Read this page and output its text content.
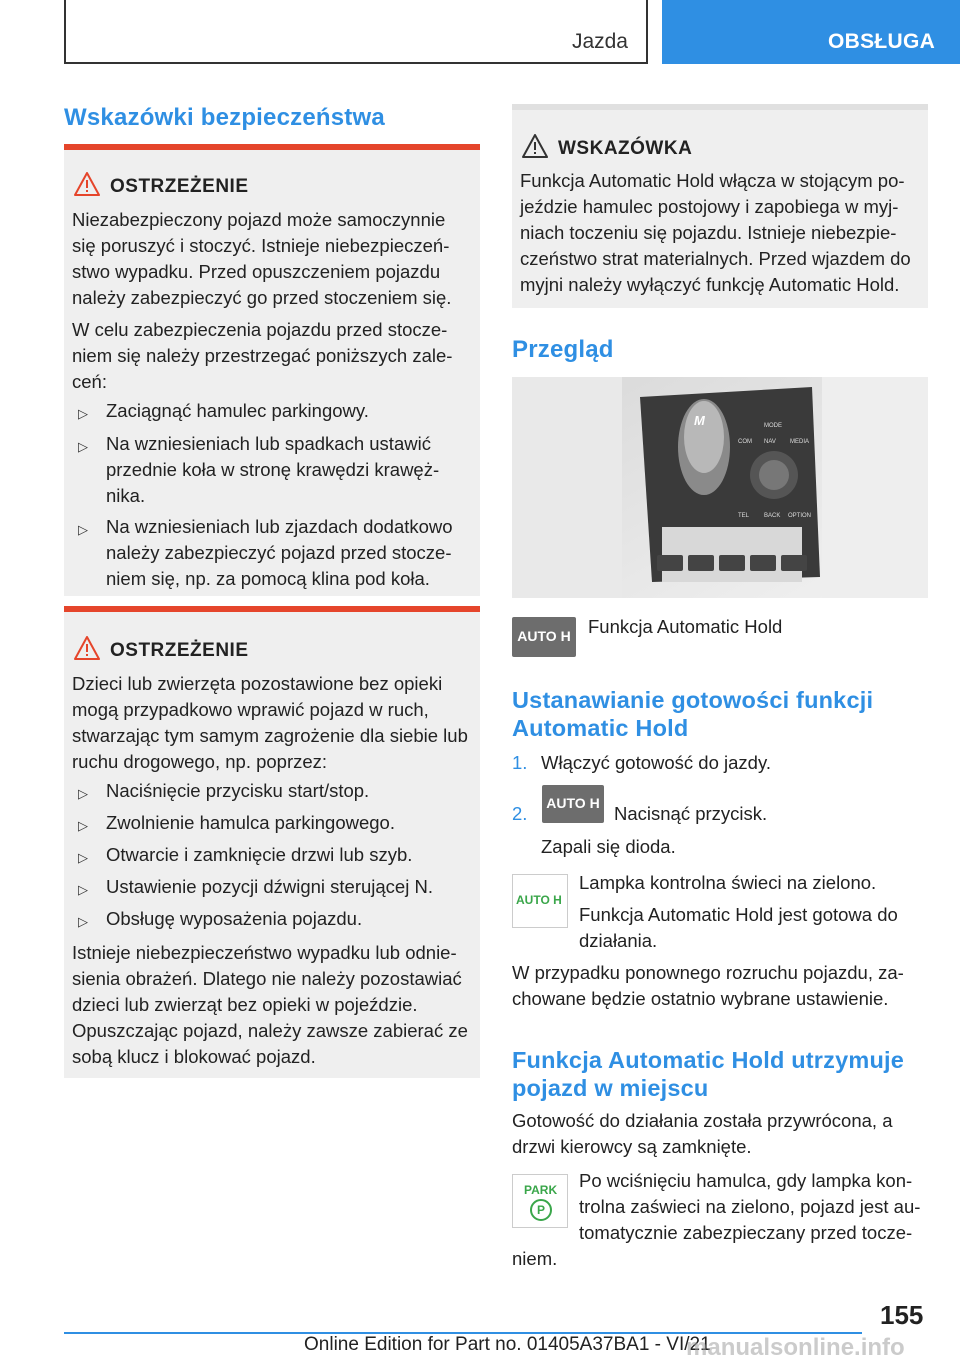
Jazda	OBSŁUGA
Wskazówki bezpieczeństwa
OSTRZEŻENIE
Niezabezpieczony pojazd może samoczynnie
się poruszyć i stoczyć. Istnieje niebezpieczeń-
stwo wypadku. Przed opuszczeniem pojazdu
należy zabezpieczyć go przed stoczeniem się.
W celu zabezpieczenia pojazdu przed stocze-
niem się należy przestrzegać poniższych zale-
ceń:
▷ Zaciągnąć hamulec parkingowy.
▷ Na wzniesieniach lub spadkach ustawić
przednie koła w stronę krawędzi krawęż-
nika.
▷ Na wzniesieniach lub zjazdach dodatkowo
należy zabezpieczyć pojazd przed stocze-
niem się, np. za pomocą klina pod koła.
OSTRZEŻENIE
Dzieci lub zwierzęta pozostawione bez opieki
mogą przypadkowo wprawić pojazd w ruch,
stwarzając tym samym zagrożenie dla siebie lub
ruchu drogowego, np. poprzez:
▷ Naciśnięcie przycisku start/stop.
▷ Zwolnienie hamulca parkingowego.
▷ Otwarcie i zamknięcie drzwi lub szyb.
▷ Ustawienie pozycji dźwigni sterującej N.
▷ Obsługę wyposażenia pojazdu.
Istnieje niebezpieczeństwo wypadku lub odnie-
sienia obrażeń. Dlatego nie należy pozostawiać
dzieci lub zwierząt bez opieki w pojeździe.
Opuszczając pojazd, należy zawsze zabierać ze
sobą klucz i blokować pojazd.
WSKAZÓWKA
Funkcja Automatic Hold włącza w stojącym po-
jeździe hamulec postojowy i zapobiega w myj-
niach toczeniu się pojazdu. Istnieje niebezpie-
czeństwo strat materialnych. Przed wjazdem do
myjni należy wyłączyć funkcję Automatic Hold.
Przegląd
M	MODE
COM NAV MEDIA
TEL BACK OPTION
AUTO H Funkcja Automatic Hold
Ustanawianie gotowości funkcji
Automatic Hold
1. Włączyć gotowość do jazdy.
2.	AUTO H Nacisnąć przycisk.
Zapali się dioda.
AUTO H
Lampka kontrolna świeci na zielono.
Funkcja Automatic Hold jest gotowa do
działania.
W przypadku ponownego rozruchu pojazdu, za-
chowane będzie ostatnio wybrane ustawienie.
Funkcja Automatic Hold utrzymuje
pojazd w miejscu
Gotowość do działania została przywrócona, a
drzwi kierowcy są zamknięte.
PARK
P
Po wciśnięciu hamulca, gdy lampka kon-
trolna zaświeci na zielono, pojazd jest au-
tomatycznie zabezpieczany przed tocze-
niem.
155
Online Edition for Part no. 01405A37BA1 - VI/21
manualsonline.info
